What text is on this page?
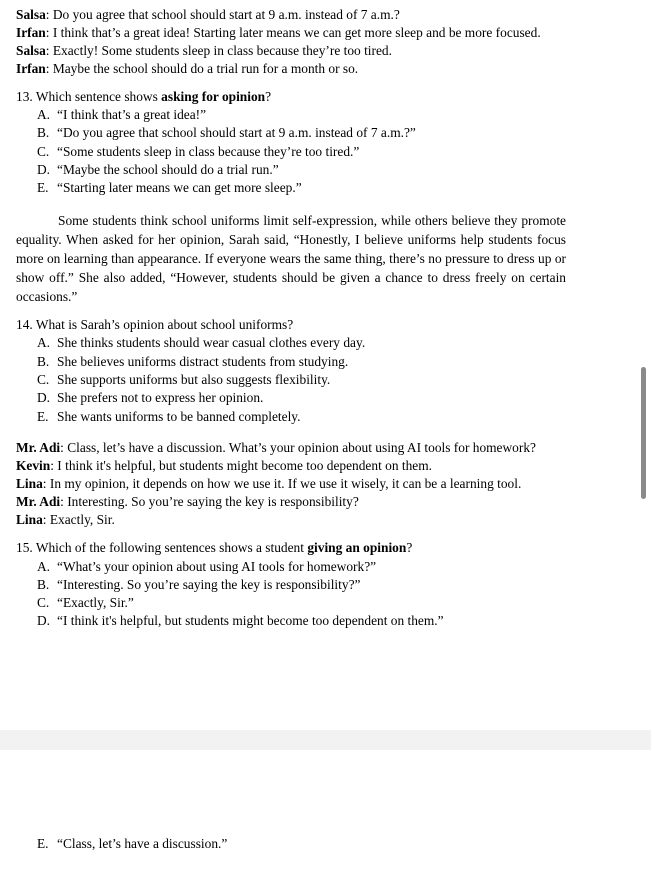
Salsa: Do you agree that school should start at 9 a.m. instead of 7 a.m.?
Irfan: I think that’s a great idea! Starting later means we can get more sleep and be more focused.
Salsa: Exactly! Some students sleep in class because they’re too tired.
Irfan: Maybe the school should do a trial run for a month or so.
13. Which sentence shows asking for opinion?
A. “I think that’s a great idea!”
B. “Do you agree that school should start at 9 a.m. instead of 7 a.m.?”
C. “Some students sleep in class because they’re too tired.”
D. “Maybe the school should do a trial run.”
E. “Starting later means we can get more sleep.”
Some students think school uniforms limit self-expression, while others believe they promote equality. When asked for her opinion, Sarah said, “Honestly, I believe uniforms help students focus more on learning than appearance. If everyone wears the same thing, there’s no pressure to dress up or show off.” She also added, “However, students should be given a chance to dress freely on certain occasions.”
14. What is Sarah’s opinion about school uniforms?
A. She thinks students should wear casual clothes every day.
B. She believes uniforms distract students from studying.
C. She supports uniforms but also suggests flexibility.
D. She prefers not to express her opinion.
E. She wants uniforms to be banned completely.
Mr. Adi: Class, let’s have a discussion. What’s your opinion about using AI tools for homework?
Kevin: I think it's helpful, but students might become too dependent on them.
Lina: In my opinion, it depends on how we use it. If we use it wisely, it can be a learning tool.
Mr. Adi: Interesting. So you’re saying the key is responsibility?
Lina: Exactly, Sir.
15. Which of the following sentences shows a student giving an opinion?
A. “What’s your opinion about using AI tools for homework?”
B. “Interesting. So you’re saying the key is responsibility?”
C. “Exactly, Sir.”
D. “I think it's helpful, but students might become too dependent on them.”
E. “Class, let’s have a discussion.”
